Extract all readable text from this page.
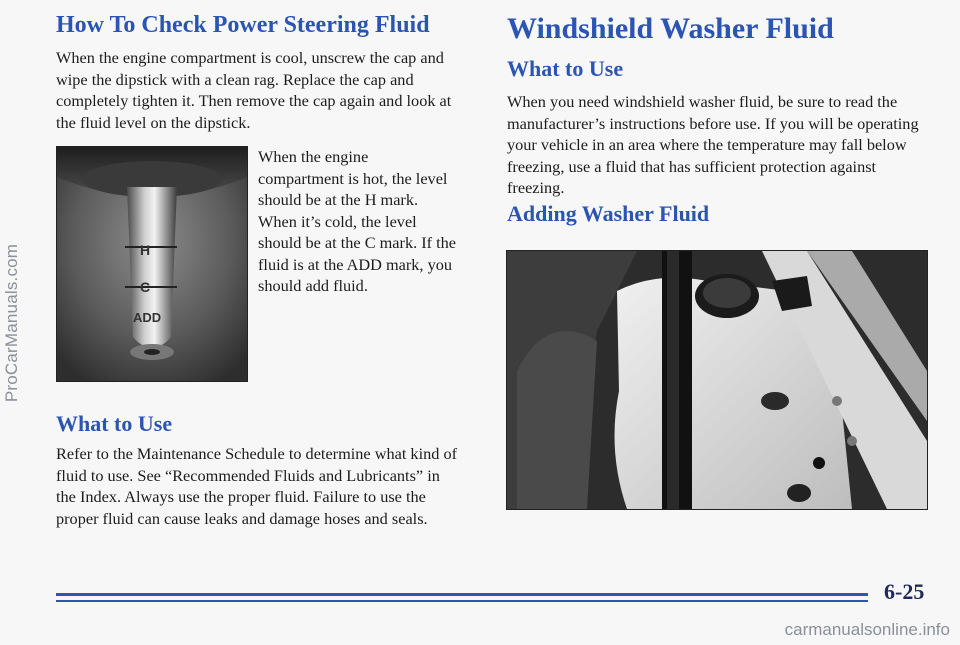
ProCarManuals.com
How To Check Power Steering Fluid

When the engine compartment is cool, unscrew the cap and wipe the dipstick with a clean rag. Replace the cap and completely tighten it. Then remove the cap again and look at the fluid level on the dipstick.

H
C
ADD

When the engine compartment is hot, the level should be at the H mark. When it’s cold, the level should be at the C mark. If the fluid is at the ADD mark, you should add fluid.

What to Use

Refer to the Maintenance Schedule to determine what kind of fluid to use. See “Recommended Fluids and Lubricants” in the Index. Always use the proper fluid. Failure to use the proper fluid can cause leaks and damage hoses and seals.

Windshield Washer Fluid
What to Use

When you need windshield washer fluid, be sure to read the manufacturer’s instructions before use. If you will be operating your vehicle in an area where the temperature may fall below freezing, use a fluid that has sufficient protection against freezing.

Adding Washer Fluid
6-25
carmanualsonline.info
